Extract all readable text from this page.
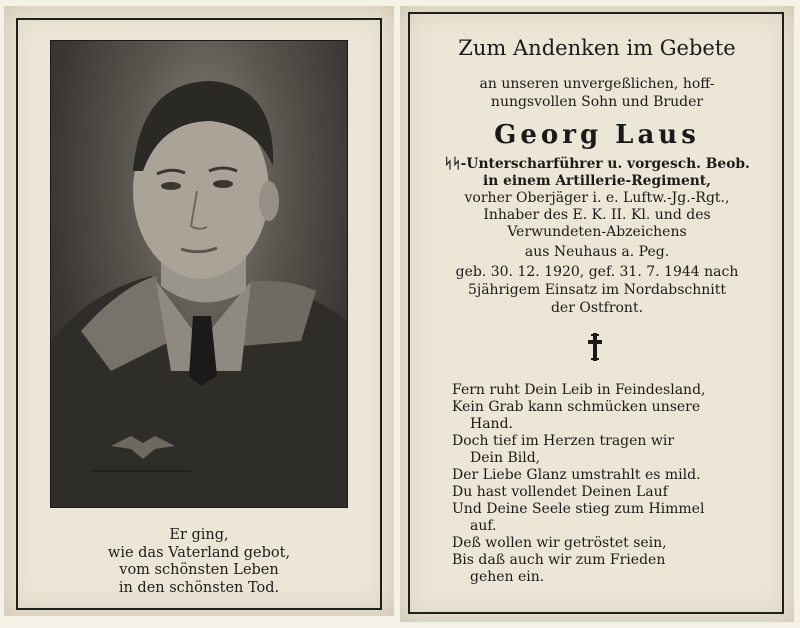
Er ging,
wie das Vaterland gebot,
vom schönsten Leben
in den schönsten Tod.
Zum Andenken im Gebete
an unseren unvergeßlichen, hoff-
nungsvollen Sohn und Bruder
Georg Laus
ᛋᛋ-Unterscharführer u. vorgesch. Beob.
in einem Artillerie-Regiment,
vorher Oberjäger i. e. Luftw.-Jg.-Rgt.,
Inhaber des E. K. II. Kl. und des
Verwundeten-Abzeichens
aus Neuhaus a. Peg.
geb. 30. 12. 1920, gef. 31. 7. 1944 nach
5jährigem Einsatz im Nordabschnitt
der Ostfront.
Fern ruht Dein Leib in Feindesland,
Kein Grab kann schmücken unsere
Hand.
Doch tief im Herzen tragen wir
Dein Bild,
Der Liebe Glanz umstrahlt es mild.
Du hast vollendet Deinen Lauf
Und Deine Seele stieg zum Himmel
auf.
Deß wollen wir getröstet sein,
Bis daß auch wir zum Frieden
gehen ein.
